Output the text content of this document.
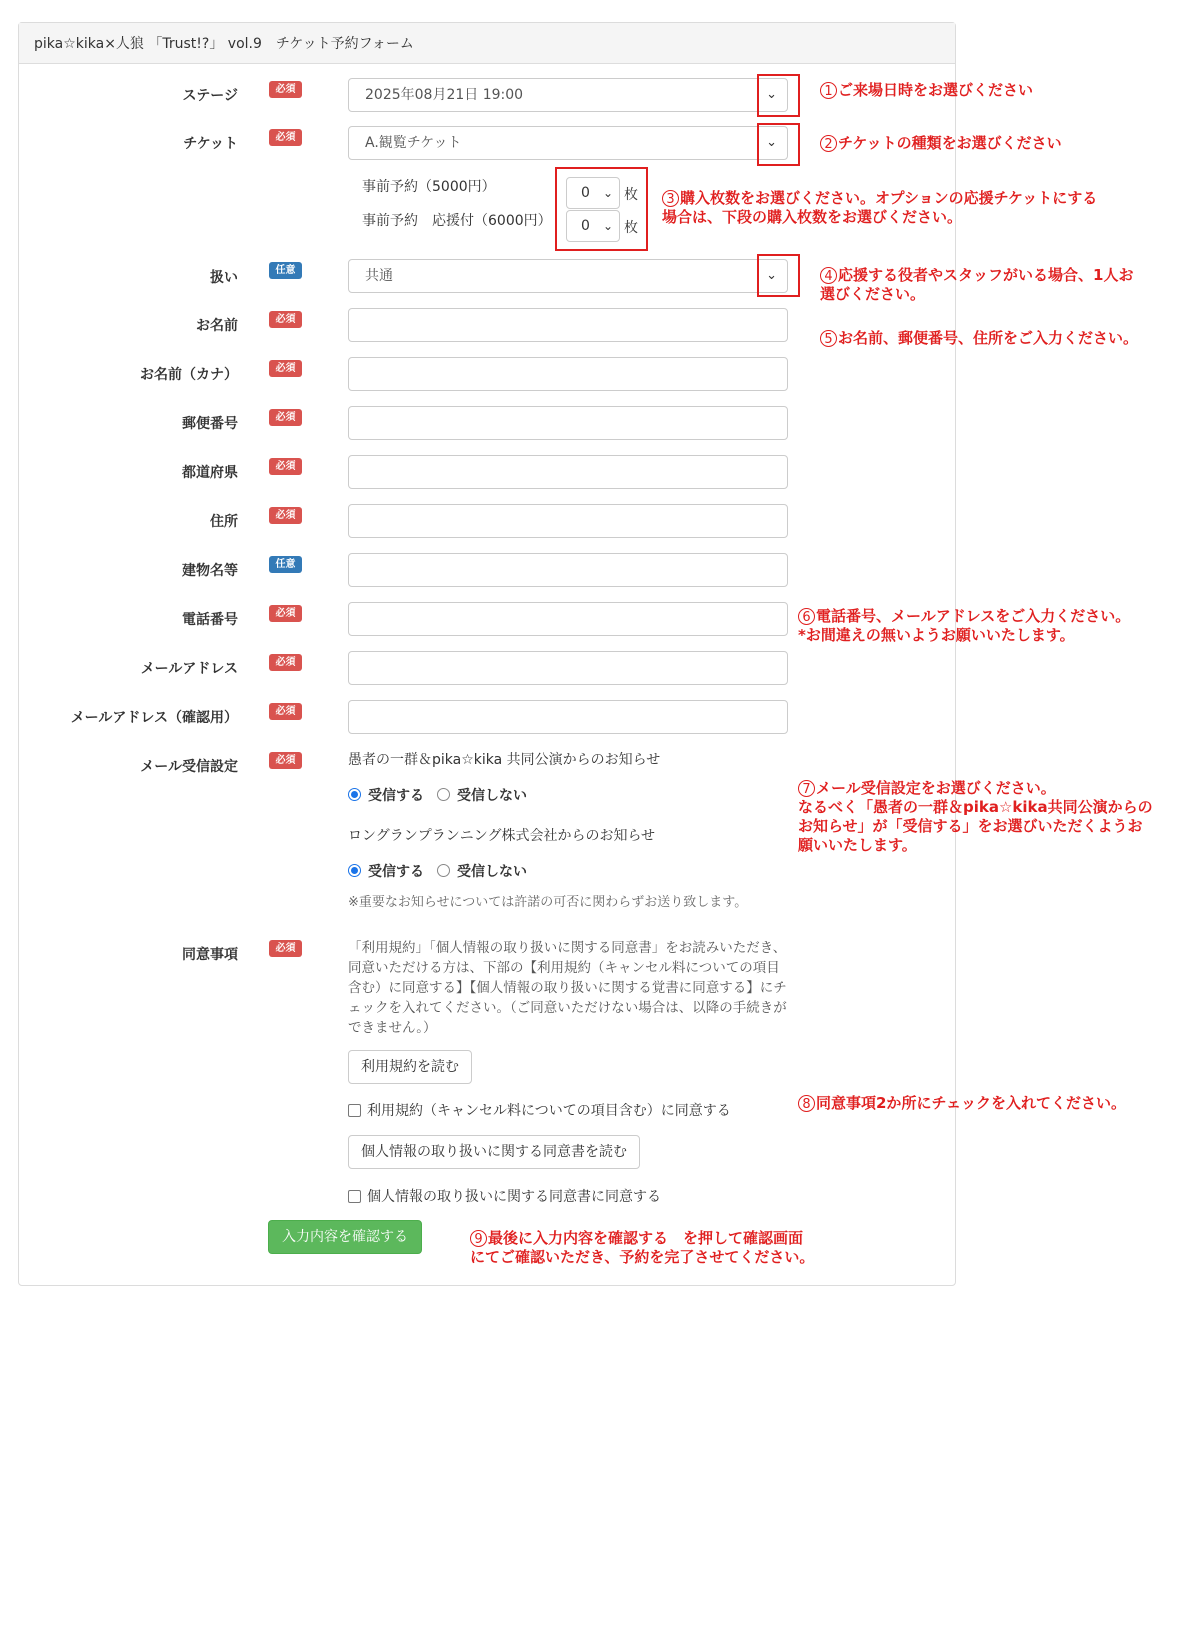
pika☆kika×人狼 「Trust!?」 vol.9　チケット予約フォーム
ステージ	必須	2025年08月21日 19:00	⌄
チケット	必須	A.観覧チケット	⌄
事前予約（5000円）	0 ⌄ 枚
事前予約　応援付（6000円）	0 ⌄ 枚
扱い	任意	共通	⌄
お名前	必須
お名前（カナ）	必須
郵便番号	必須
都道府県	必須
住所	必須
建物名等	任意
電話番号	必須
メールアドレス	必須
メールアドレス（確認用）	必須
メール受信設定	必須	愚者の一群＆pika☆kika 共同公演からのお知らせ
受信する 受信しない
ロングランプランニング株式会社からのお知らせ
受信する 受信しない
※重要なお知らせについては許諾の可否に関わらずお送り致します。
同意事項	必須	「利用規約」「個人情報の取り扱いに関する同意書」をお読みいただき、同意いただける方は、下部の【利用規約（キャンセル料についての項目含む）に同意する】【個人情報の取り扱いに関する覚書に同意する】にチェックを入れてください。（ご同意いただけない場合は、以降の手続きができません。）
利用規約を読む
利用規約（キャンセル料についての項目含む）に同意する
個人情報の取り扱いに関する同意書を読む
個人情報の取り扱いに関する同意書に同意する
入力内容を確認する
1 ご来場日時をお選びください
2 チケットの種類をお選びください
3 購入枚数をお選びください。オプションの応援チケットにする
場合は、下段の購入枚数をお選びください。
4 応援する役者やスタッフがいる場合、1人お
選びください。
5 お名前、郵便番号、住所をご入力ください。
6 電話番号、メールアドレスをご入力ください。
*お間違えの無いようお願いいたします。
7 メール受信設定をお選びください。
なるべく「愚者の一群＆pika☆kika共同公演からの
お知らせ」が「受信する」をお選びいただくようお
願いいたします。
8 同意事項2か所にチェックを入れてください。
9 最後に入力内容を確認する　を押して確認画面
にてご確認いただき、予約を完了させてください。
